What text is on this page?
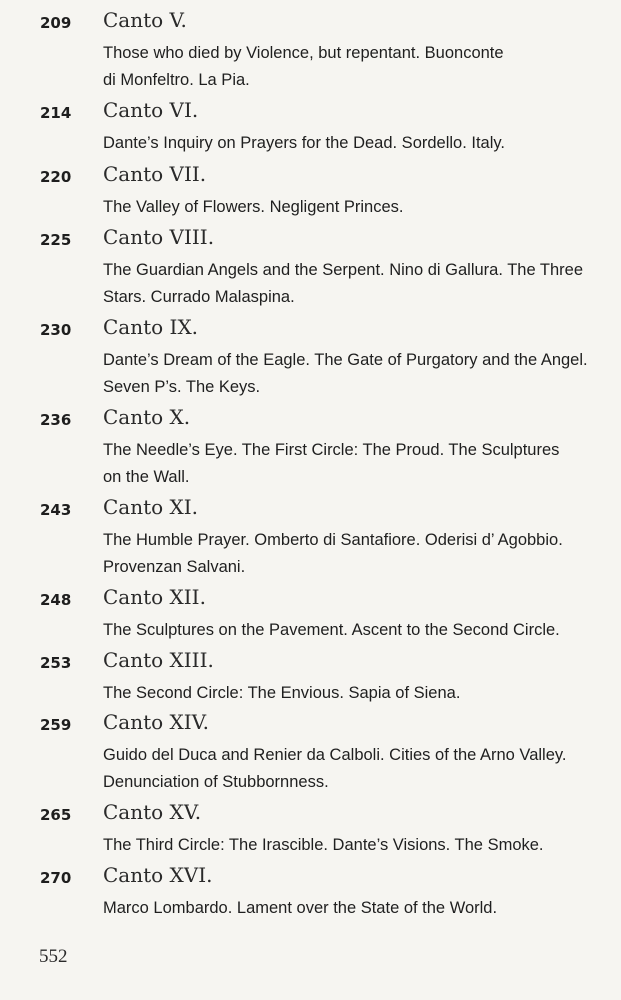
209	Canto V.
Those who died by Violence, but repentant. Buonconte
di Monfeltro. La Pia.
214	Canto VI.
Dante’s Inquiry on Prayers for the Dead. Sordello. Italy.
220	Canto VII.
The Valley of Flowers. Negligent Princes.
225	Canto VIII.
The Guardian Angels and the Serpent. Nino di Gallura. The Three
Stars. Currado Malaspina.
230	Canto IX.
Dante’s Dream of the Eagle. The Gate of Purgatory and the Angel.
Seven P’s. The Keys.
236	Canto X.
The Needle’s Eye. The First Circle: The Proud. The Sculptures
on the Wall.
243	Canto XI.
The Humble Prayer. Omberto di Santafiore. Oderisi d’ Agobbio.
Provenzan Salvani.
248	Canto XII.
The Sculptures on the Pavement. Ascent to the Second Circle.
253	Canto XIII.
The Second Circle: The Envious. Sapia of Siena.
259	Canto XIV.
Guido del Duca and Renier da Calboli. Cities of the Arno Valley.
Denunciation of Stubbornness.
265	Canto XV.
The Third Circle: The Irascible. Dante’s Visions. The Smoke.
270	Canto XVI.
Marco Lombardo. Lament over the State of the World.
552
